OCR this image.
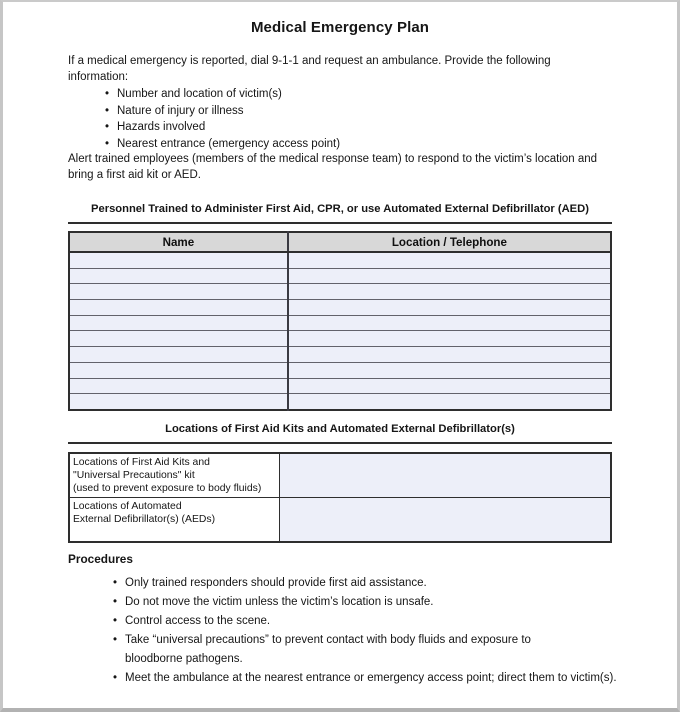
Medical Emergency Plan
If a medical emergency is reported, dial 9-1-1 and request an ambulance. Provide the following
information:
• Number and location of victim(s)
• Nature of injury or illness
• Hazards involved
• Nearest entrance (emergency access point)
Alert trained employees (members of the medical response team) to respond to the victim’s location and
bring a first aid kit or AED.
Personnel Trained to Administer First Aid, CPR, or use Automated External Defibrillator (AED)
Name	Location / Telephone

Locations of First Aid Kits and Automated External Defibrillator(s)
Locations of First Aid Kits and
"Universal Precautions" kit
(used to prevent exposure to body fluids)	

Locations of Automated
External Defibrillator(s) (AEDs)	

Procedures
• Only trained responders should provide first aid assistance.
• Do not move the victim unless the victim’s location is unsafe.
• Control access to the scene.
• Take “universal precautions” to prevent contact with body fluids and exposure to
bloodborne pathogens.
• Meet the ambulance at the nearest entrance or emergency access point; direct them to victim(s).
